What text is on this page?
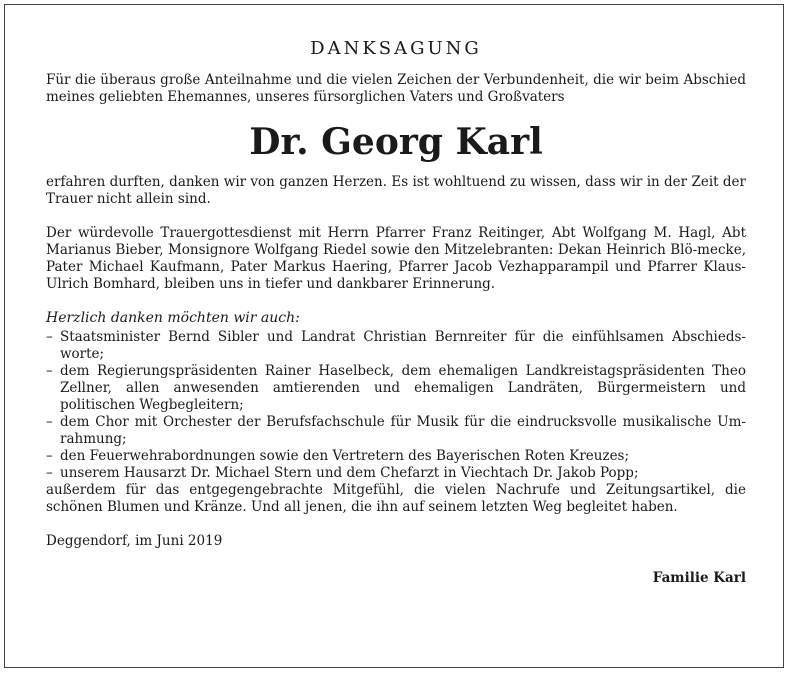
DANKSAGUNG

Für die überaus große Anteilnahme und die vielen Zeichen der Verbundenheit, die wir beim Abschied meines geliebten Ehemannes, unseres fürsorglichen Vaters und Großvaters

Dr. Georg Karl

erfahren durften, danken wir von ganzen Herzen. Es ist wohltuend zu wissen, dass wir in der Zeit der Trauer nicht allein sind.

Der würdevolle Trauergottesdienst mit Herrn Pfarrer Franz Reitinger, Abt Wolfgang M. Hagl, Abt Marianus Bieber, Monsignore Wolfgang Riedel sowie den Mitzelebranten: Dekan Heinrich Blö-mecke, Pater Michael Kaufmann, Pater Markus Haering, Pfarrer Jacob Vezhapparampil und Pfarrer Klaus-Ulrich Bomhard, bleiben uns in tiefer und dankbarer Erinnerung.

Herzlich danken möchten wir auch:
– Staatsminister Bernd Sibler und Landrat Christian Bernreiter für die einfühlsamen Abschieds-worte;
– dem Regierungspräsidenten Rainer Haselbeck, dem ehemaligen Landkreistagspräsidenten Theo Zellner, allen anwesenden amtierenden und ehemaligen Landräten, Bürgermeistern und politischen Wegbegleitern;
– dem Chor mit Orchester der Berufsfachschule für Musik für die eindrucksvolle musikalische Um-rahmung;
– den Feuerwehrabordnungen sowie den Vertretern des Bayerischen Roten Kreuzes;
– unserem Hausarzt Dr. Michael Stern und dem Chefarzt in Viechtach Dr. Jakob Popp;

außerdem für das entgegengebrachte Mitgefühl, die vielen Nachrufe und Zeitungsartikel, die schönen Blumen und Kränze. Und all jenen, die ihn auf seinem letzten Weg begleitet haben.

Deggendorf, im Juni 2019

Familie Karl
